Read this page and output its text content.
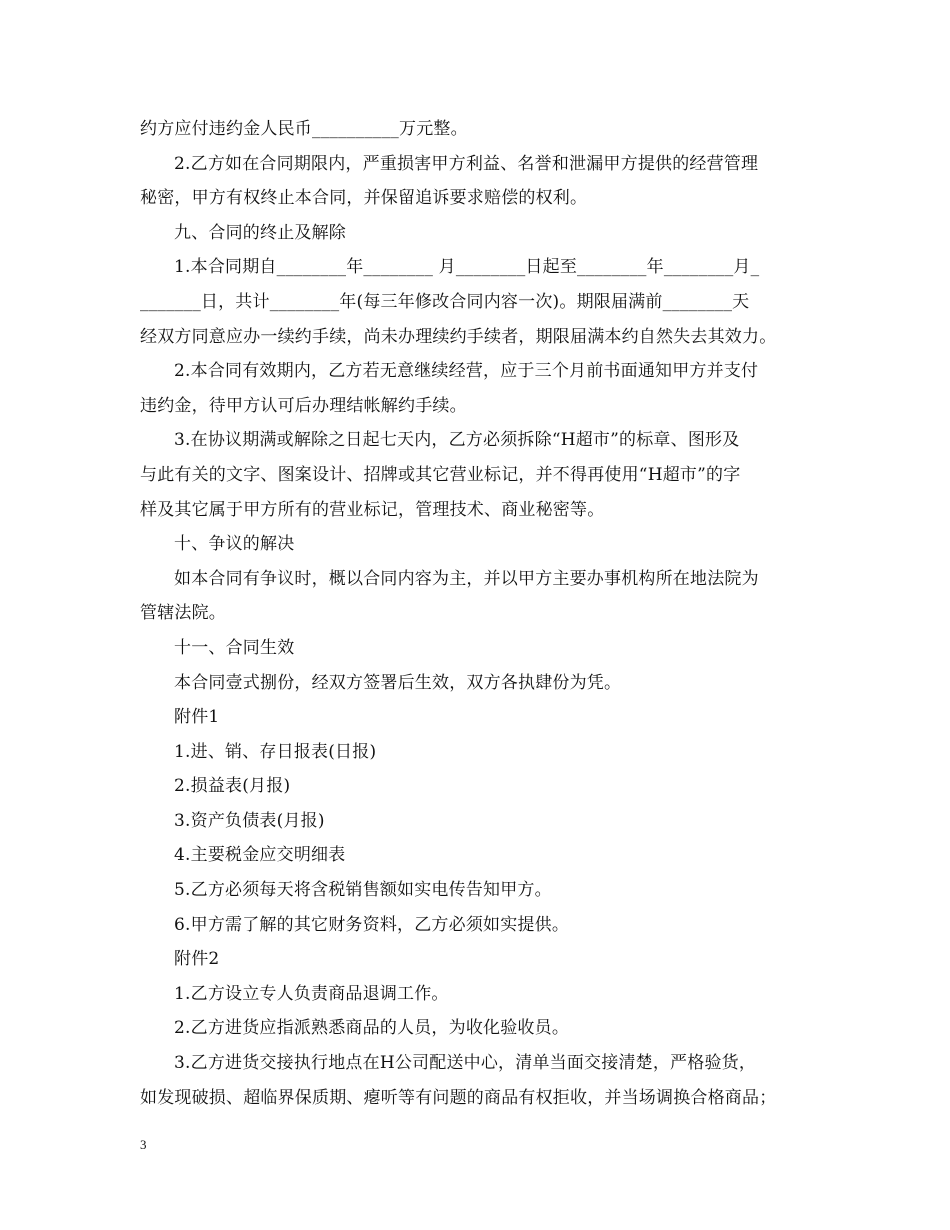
约方应付违约金人民币__________万元整。
2.乙方如在合同期限内，严重损害甲方利益、名誉和泄漏甲方提供的经营管理
秘密，甲方有权终止本合同，并保留追诉要求赔偿的权利。
九、合同的终止及解除
1.本合同期自________年________ 月________日起至________年________月_
_______日，共计________年(每三年修改合同内容一次)。期限届满前________天
经双方同意应办一续约手续，尚未办理续约手续者，期限届满本约自然失去其效力。
2.本合同有效期内，乙方若无意继续经营，应于三个月前书面通知甲方并支付
违约金，待甲方认可后办理结帐解约手续。
3.在协议期满或解除之日起七天内，乙方必须拆除“H超市”的标章、图形及
与此有关的文字、图案设计、招牌或其它营业标记，并不得再使用“H超市”的字
样及其它属于甲方所有的营业标记，管理技术、商业秘密等。
十、争议的解决
如本合同有争议时，概以合同内容为主，并以甲方主要办事机构所在地法院为
管辖法院。
十一、合同生效
本合同壹式捌份，经双方签署后生效，双方各执肆份为凭。
附件1
1.进、销、存日报表(日报)
2.损益表(月报)
3.资产负债表(月报)
4.主要税金应交明细表
5.乙方必须每天将含税销售额如实电传告知甲方。
6.甲方需了解的其它财务资料，乙方必须如实提供。
附件2
1.乙方设立专人负责商品退调工作。
2.乙方进货应指派熟悉商品的人员，为收化验收员。
3.乙方进货交接执行地点在H公司配送中心，清单当面交接清楚，严格验货，
如发现破损、超临界保质期、瘪听等有问题的商品有权拒收，并当场调换合格商品；
3
